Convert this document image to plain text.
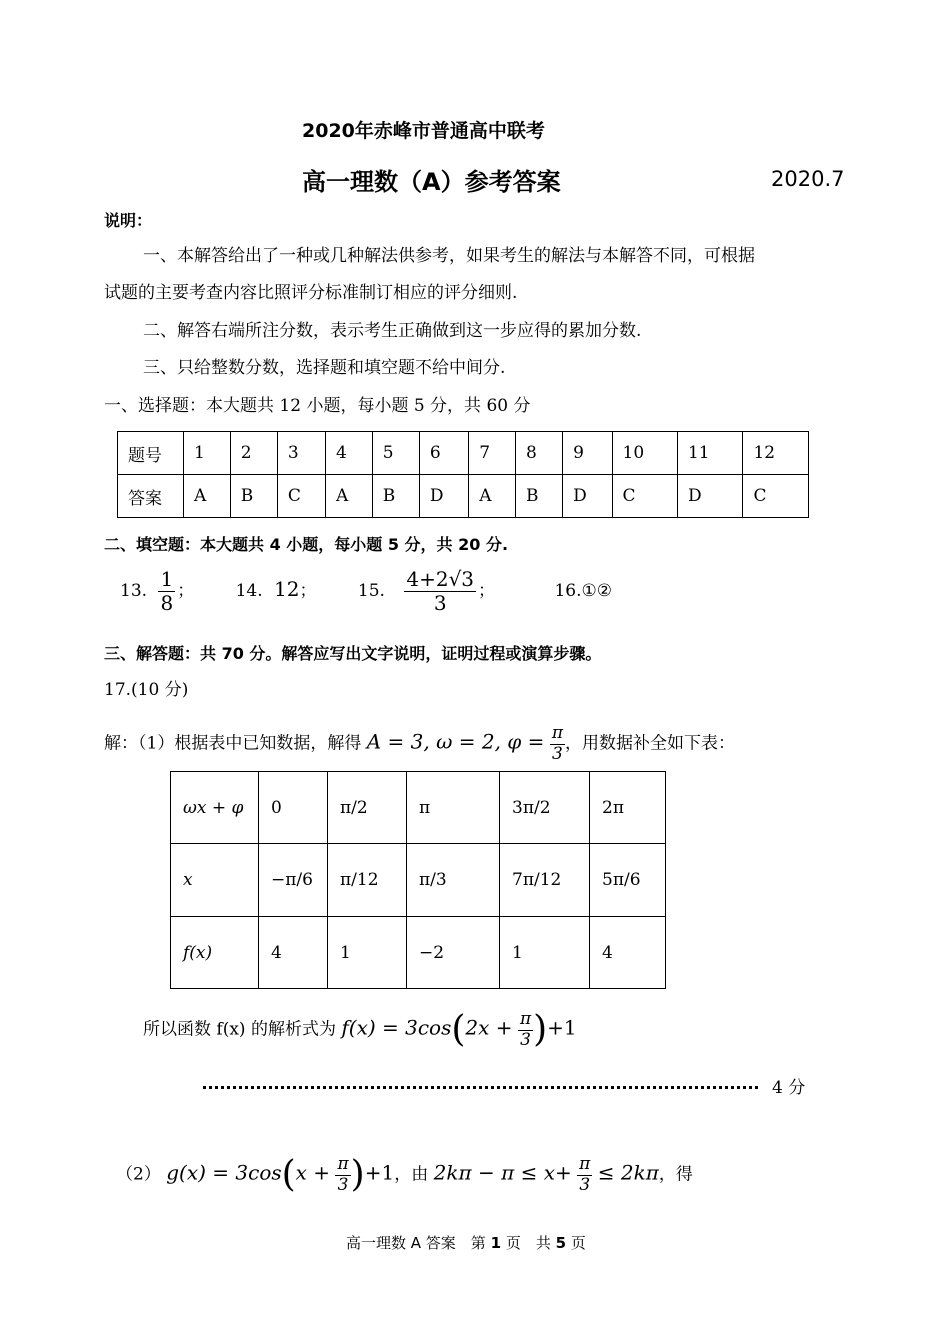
2020年赤峰市普通高中联考
高一理数（A）参考答案	2020.7
说明：
一、本解答给出了一种或几种解法供参考，如果考生的解法与本解答不同，可根据
试题的主要考查内容比照评分标准制订相应的评分细则.
二、解答右端所注分数，表示考生正确做到这一步应得的累加分数.
三、只给整数分数，选择题和填空题不给中间分.
一、选择题：本大题共 12 小题，每小题 5 分，共 60 分
题号	1	2	3	4	5	6	7	8	9	10	11	12
答案	A	B	C	A	B	D	A	B	D	C	D	C
二、填空题：本大题共 4 小题，每小题 5 分，共 20 分.
13. $\frac{1}{8}$ ； 14. 12； 15. $\frac{4+2√3}{3}$ ；	16.①②
三、解答题：共 70 分。解答应写出文字说明，证明过程或演算步骤。
17.(10 分)
解：（1）根据表中已知数据，解得 A = 3, ω = 2, $\varphi = \frac{\pi}{3}$ ，用数据补全如下表：
ωx + φ	0	π/2	π	3π/2	2π
x	−π/6	π/12	π/3	7π/12	5π/6
f(x)	4	1	−2	1	4
所以函数 f(x) 的解析式为 $f(x) = 3\cos(2x + \frac{\pi}{3} )+1$
4 分
（2） $g(x) = 3\cos(x + \frac{\pi}{3} )+1$，由 $2k\pi - \pi \le x+ \frac{\pi}{3} \le 2k\pi$，得
高一理数 A 答案　第 1 页　共 5 页
